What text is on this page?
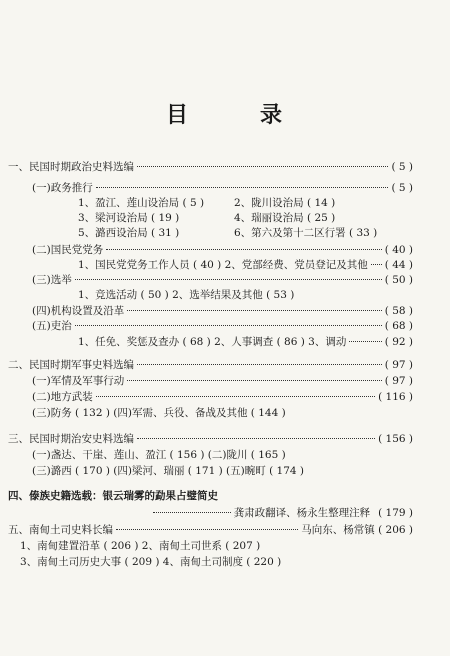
目	录
一、民国时期政治史料选编	( 5 )
(一)政务推行	( 5 )
1、盈江、莲山设治局 ( 5 )	2、陇川设治局 ( 14 )
3、梁河设治局 ( 19 )	4、瑞丽设治局 ( 25 )
5、潞西设治局 ( 31 )	6、第六及第十二区行署 ( 33 )
(二)国民党党务	( 40 )
1、国民党党务工作人员 ( 40 ) 2、党部经费、党员登记及其他 ( 44 )
(三)选举	( 50 )
1、竞选活动 ( 50 ) 2、选举结果及其他 ( 53 )
(四)机构设置及沿革	( 58 )
(五)吏治	( 68 )
1、任免、奖惩及查办 ( 68 ) 2、人事调查 ( 86 ) 3、调动	( 92 )
二、民国时期军事史料选编	( 97 )
(一)军情及军事行动	( 97 )
(二)地方武装	( 116 )
(三)防务 ( 132 ) (四)军需、兵役、备战及其他 ( 144 )
三、民国时期治安史料选编	( 156 )
(一)盏达、干崖、莲山、盈江 ( 156 ) (二)陇川 ( 165 )
(三)潞西 ( 170 ) (四)梁河、瑞丽 ( 171 ) (五)畹町 ( 174 )
四、傣族史籍选载：银云瑞雾的勐果占璧简史
龚肃政翻译、杨永生整理注释 ( 179 )
五、南甸土司史料长编	马向东、杨常镇 ( 206 )
1、南甸建置沿革 ( 206 ) 2、南甸土司世系 ( 207 )
3、南甸土司历史大事 ( 209 ) 4、南甸土司制度 ( 220 )
